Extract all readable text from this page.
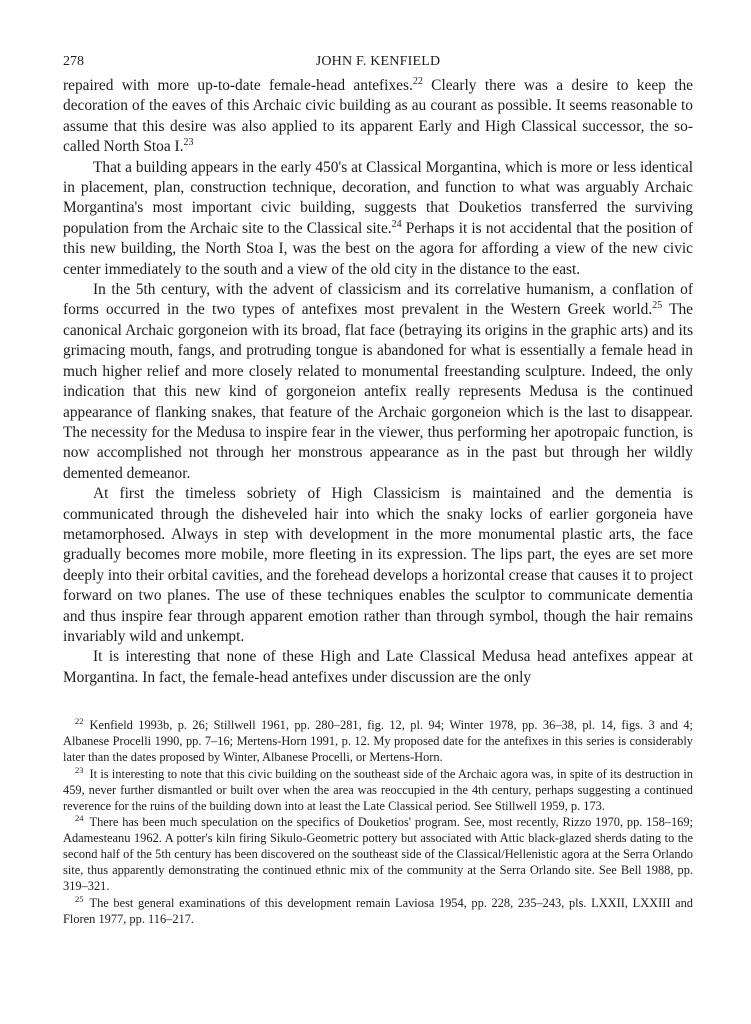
278	JOHN F. KENFIELD

repaired with more up-to-date female-head antefixes.$^{22}$ Clearly there was a desire to keep the decoration of the eaves of this Archaic civic building as au courant as possible. It seems reasonable to assume that this desire was also applied to its apparent Early and High Classical successor, the so-called North Stoa I.$^{23}$

That a building appears in the early 450's at Classical Morgantina, which is more or less identical in placement, plan, construction technique, decoration, and function to what was arguably Archaic Morgantina's most important civic building, suggests that Douketios transferred the surviving population from the Archaic site to the Classical site.$^{24}$ Perhaps it is not accidental that the position of this new building, the North Stoa I, was the best on the agora for affording a view of the new civic center immediately to the south and a view of the old city in the distance to the east.

In the 5th century, with the advent of classicism and its correlative humanism, a conflation of forms occurred in the two types of antefixes most prevalent in the Western Greek world.$^{25}$ The canonical Archaic gorgoneion with its broad, flat face (betraying its origins in the graphic arts) and its grimacing mouth, fangs, and protruding tongue is abandoned for what is essentially a female head in much higher relief and more closely related to monumental freestanding sculpture. Indeed, the only indication that this new kind of gorgoneion antefix really represents Medusa is the continued appearance of flanking snakes, that feature of the Archaic gorgoneion which is the last to disappear. The necessity for the Medusa to inspire fear in the viewer, thus performing her apotropaic function, is now accomplished not through her monstrous appearance as in the past but through her wildly demented demeanor.

At first the timeless sobriety of High Classicism is maintained and the dementia is communicated through the disheveled hair into which the snaky locks of earlier gorgoneia have metamorphosed. Always in step with development in the more monumental plastic arts, the face gradually becomes more mobile, more fleeting in its expression. The lips part, the eyes are set more deeply into their orbital cavities, and the forehead develops a horizontal crease that causes it to project forward on two planes. The use of these techniques enables the sculptor to communicate dementia and thus inspire fear through apparent emotion rather than through symbol, though the hair remains invariably wild and unkempt.

It is interesting that none of these High and Late Classical Medusa head antefixes appear at Morgantina. In fact, the female-head antefixes under discussion are the only

$^{22}$ Kenfield 1993b, p. 26; Stillwell 1961, pp. 280–281, fig. 12, pl. 94; Winter 1978, pp. 36–38, pl. 14, figs. 3 and 4; Albanese Procelli 1990, pp. 7–16; Mertens-Horn 1991, p. 12. My proposed date for the antefixes in this series is considerably later than the dates proposed by Winter, Albanese Procelli, or Mertens-Horn.

$^{23}$ It is interesting to note that this civic building on the southeast side of the Archaic agora was, in spite of its destruction in 459, never further dismantled or built over when the area was reoccupied in the 4th century, perhaps suggesting a continued reverence for the ruins of the building down into at least the Late Classical period. See Stillwell 1959, p. 173.

$^{24}$ There has been much speculation on the specifics of Douketios' program. See, most recently, Rizzo 1970, pp. 158–169; Adamesteanu 1962. A potter's kiln firing Sikulo-Geometric pottery but associated with Attic black-glazed sherds dating to the second half of the 5th century has been discovered on the southeast side of the Classical/Hellenistic agora at the Serra Orlando site, thus apparently demonstrating the continued ethnic mix of the community at the Serra Orlando site. See Bell 1988, pp. 319–321.

$^{25}$ The best general examinations of this development remain Laviosa 1954, pp. 228, 235–243, pls. LXXII, LXXIII and Floren 1977, pp. 116–217.
